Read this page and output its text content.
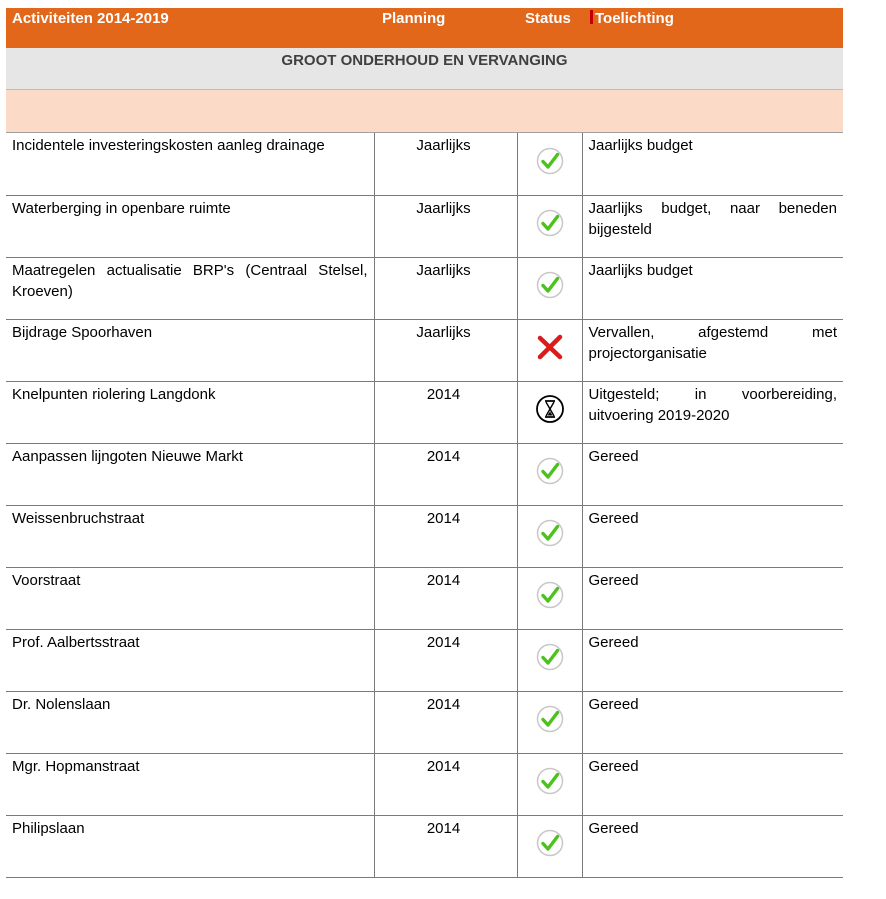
Activiteiten 2014-2019	Planning	Status Toelichting
GROOT ONDERHOUD EN VERVANGING
Incidentele investeringskosten aanleg drainage	Jaarlijks		Jaarlijks budget
Waterberging in openbare ruimte	Jaarlijks		Jaarlijks budget, naar beneden bijgesteld
Maatregelen actualisatie BRP's (Centraal Stelsel, Kroeven)	Jaarlijks		Jaarlijks budget
Bijdrage Spoorhaven	Jaarlijks		Vervallen, afgestemd met projectorganisatie
Knelpunten riolering Langdonk	2014		Uitgesteld; in voorbereiding, uitvoering 2019-2020
Aanpassen lijngoten Nieuwe Markt	2014		Gereed
Weissenbruchstraat	2014		Gereed
Voorstraat	2014		Gereed
Prof. Aalbertsstraat	2014		Gereed
Dr. Nolenslaan	2014		Gereed
Mgr. Hopmanstraat	2014		Gereed
Philipslaan	2014		Gereed
